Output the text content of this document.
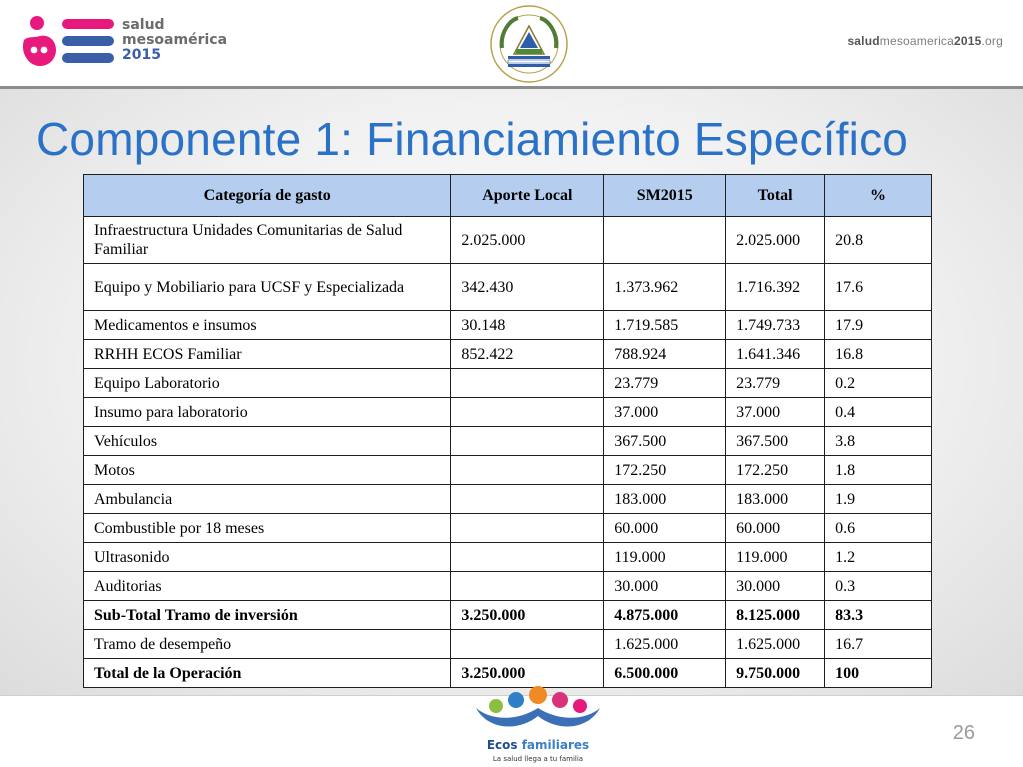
salud
mesoamérica
2015
saludmesoamerica2015.org
Componente 1: Financiamiento Específico
Categoría de gasto	Aporte Local	SM2015	Total	%
Infraestructura Unidades Comunitarias de Salud Familiar	2.025.000		2.025.000	20.8
Equipo y Mobiliario para UCSF y Especializada	342.430	1.373.962	1.716.392	17.6
Medicamentos e insumos	30.148	1.719.585	1.749.733	17.9
RRHH ECOS Familiar	852.422	788.924	1.641.346	16.8
Equipo Laboratorio		23.779	23.779	0.2
Insumo para laboratorio		37.000	37.000	0.4
Vehículos		367.500	367.500	3.8
Motos		172.250	172.250	1.8
Ambulancia		183.000	183.000	1.9
Combustible por 18 meses		60.000	60.000	0.6
Ultrasonido		119.000	119.000	1.2
Auditorias		30.000	30.000	0.3
Sub-Total Tramo de inversión	3.250.000	4.875.000	8.125.000	83.3
Tramo de desempeño		1.625.000	1.625.000	16.7
Total de la Operación	3.250.000	6.500.000	9.750.000	100
Ecos familiares
La salud llega a tu familia
26
